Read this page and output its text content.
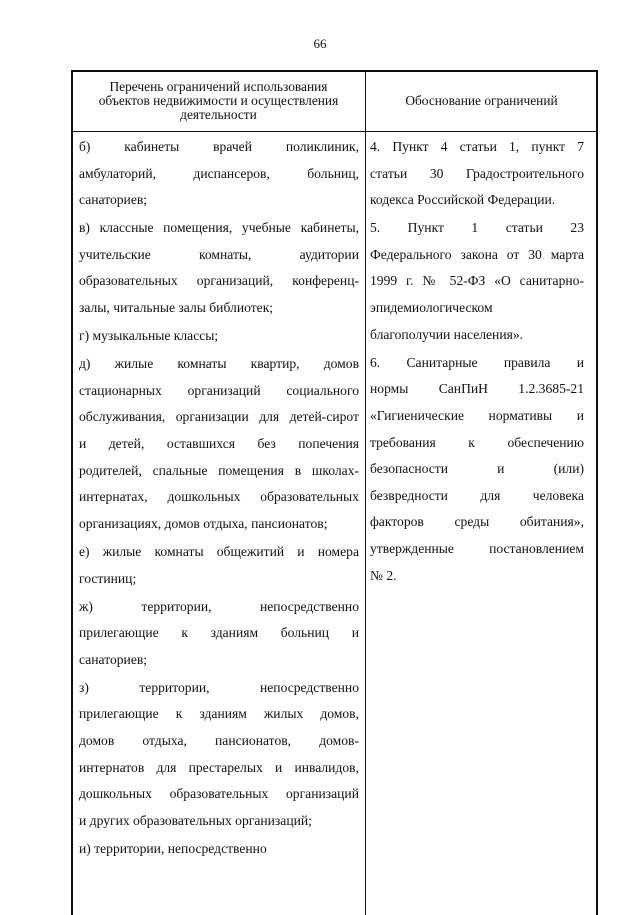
66
Перечень ограничений использования
объектов недвижимости и осуществления
деятельности
Обоснование ограничений

б) кабинеты врачей поликлиник,
амбулаторий, диспансеров, больниц,
санаториев;

в) классные помещения, учебные кабинеты,
учительские комнаты, аудитории
образовательных организаций, конференц-
залы, читальные залы библиотек;

г) музыкальные классы;

д) жилые комнаты квартир, домов
стационарных организаций социального
обслуживания, организации для детей-сирот
и детей, оставшихся без попечения
родителей, спальные помещения в школах-
интернатах, дошкольных образовательных
организациях, домов отдыха, пансионатов;

е) жилые комнаты общежитий и номера
гостиниц;

ж) территории, непосредственно
прилегающие к зданиям больниц и
санаториев;

з) территории, непосредственно
прилегающие к зданиям жилых домов,
домов отдыха, пансионатов, домов-
интернатов для престарелых и инвалидов,
дошкольных образовательных организаций
и других образовательных организаций;

и) территории, непосредственно

4. Пункт 4 статьи 1, пункт 7
статьи 30 Градостроительного
кодекса Российской Федерации.

5. Пункт 1 статьи 23
Федерального закона от 30 марта
1999 г. № 52-ФЗ «О санитарно-
эпидемиологическом
благополучии населения».

6. Санитарные правила и
нормы СанПиН 1.2.3685-21
«Гигиенические нормативы и
требования к обеспечению
безопасности и (или)
безвредности для человека
факторов среды обитания»,
утвержденные постановлением
№ 2.
